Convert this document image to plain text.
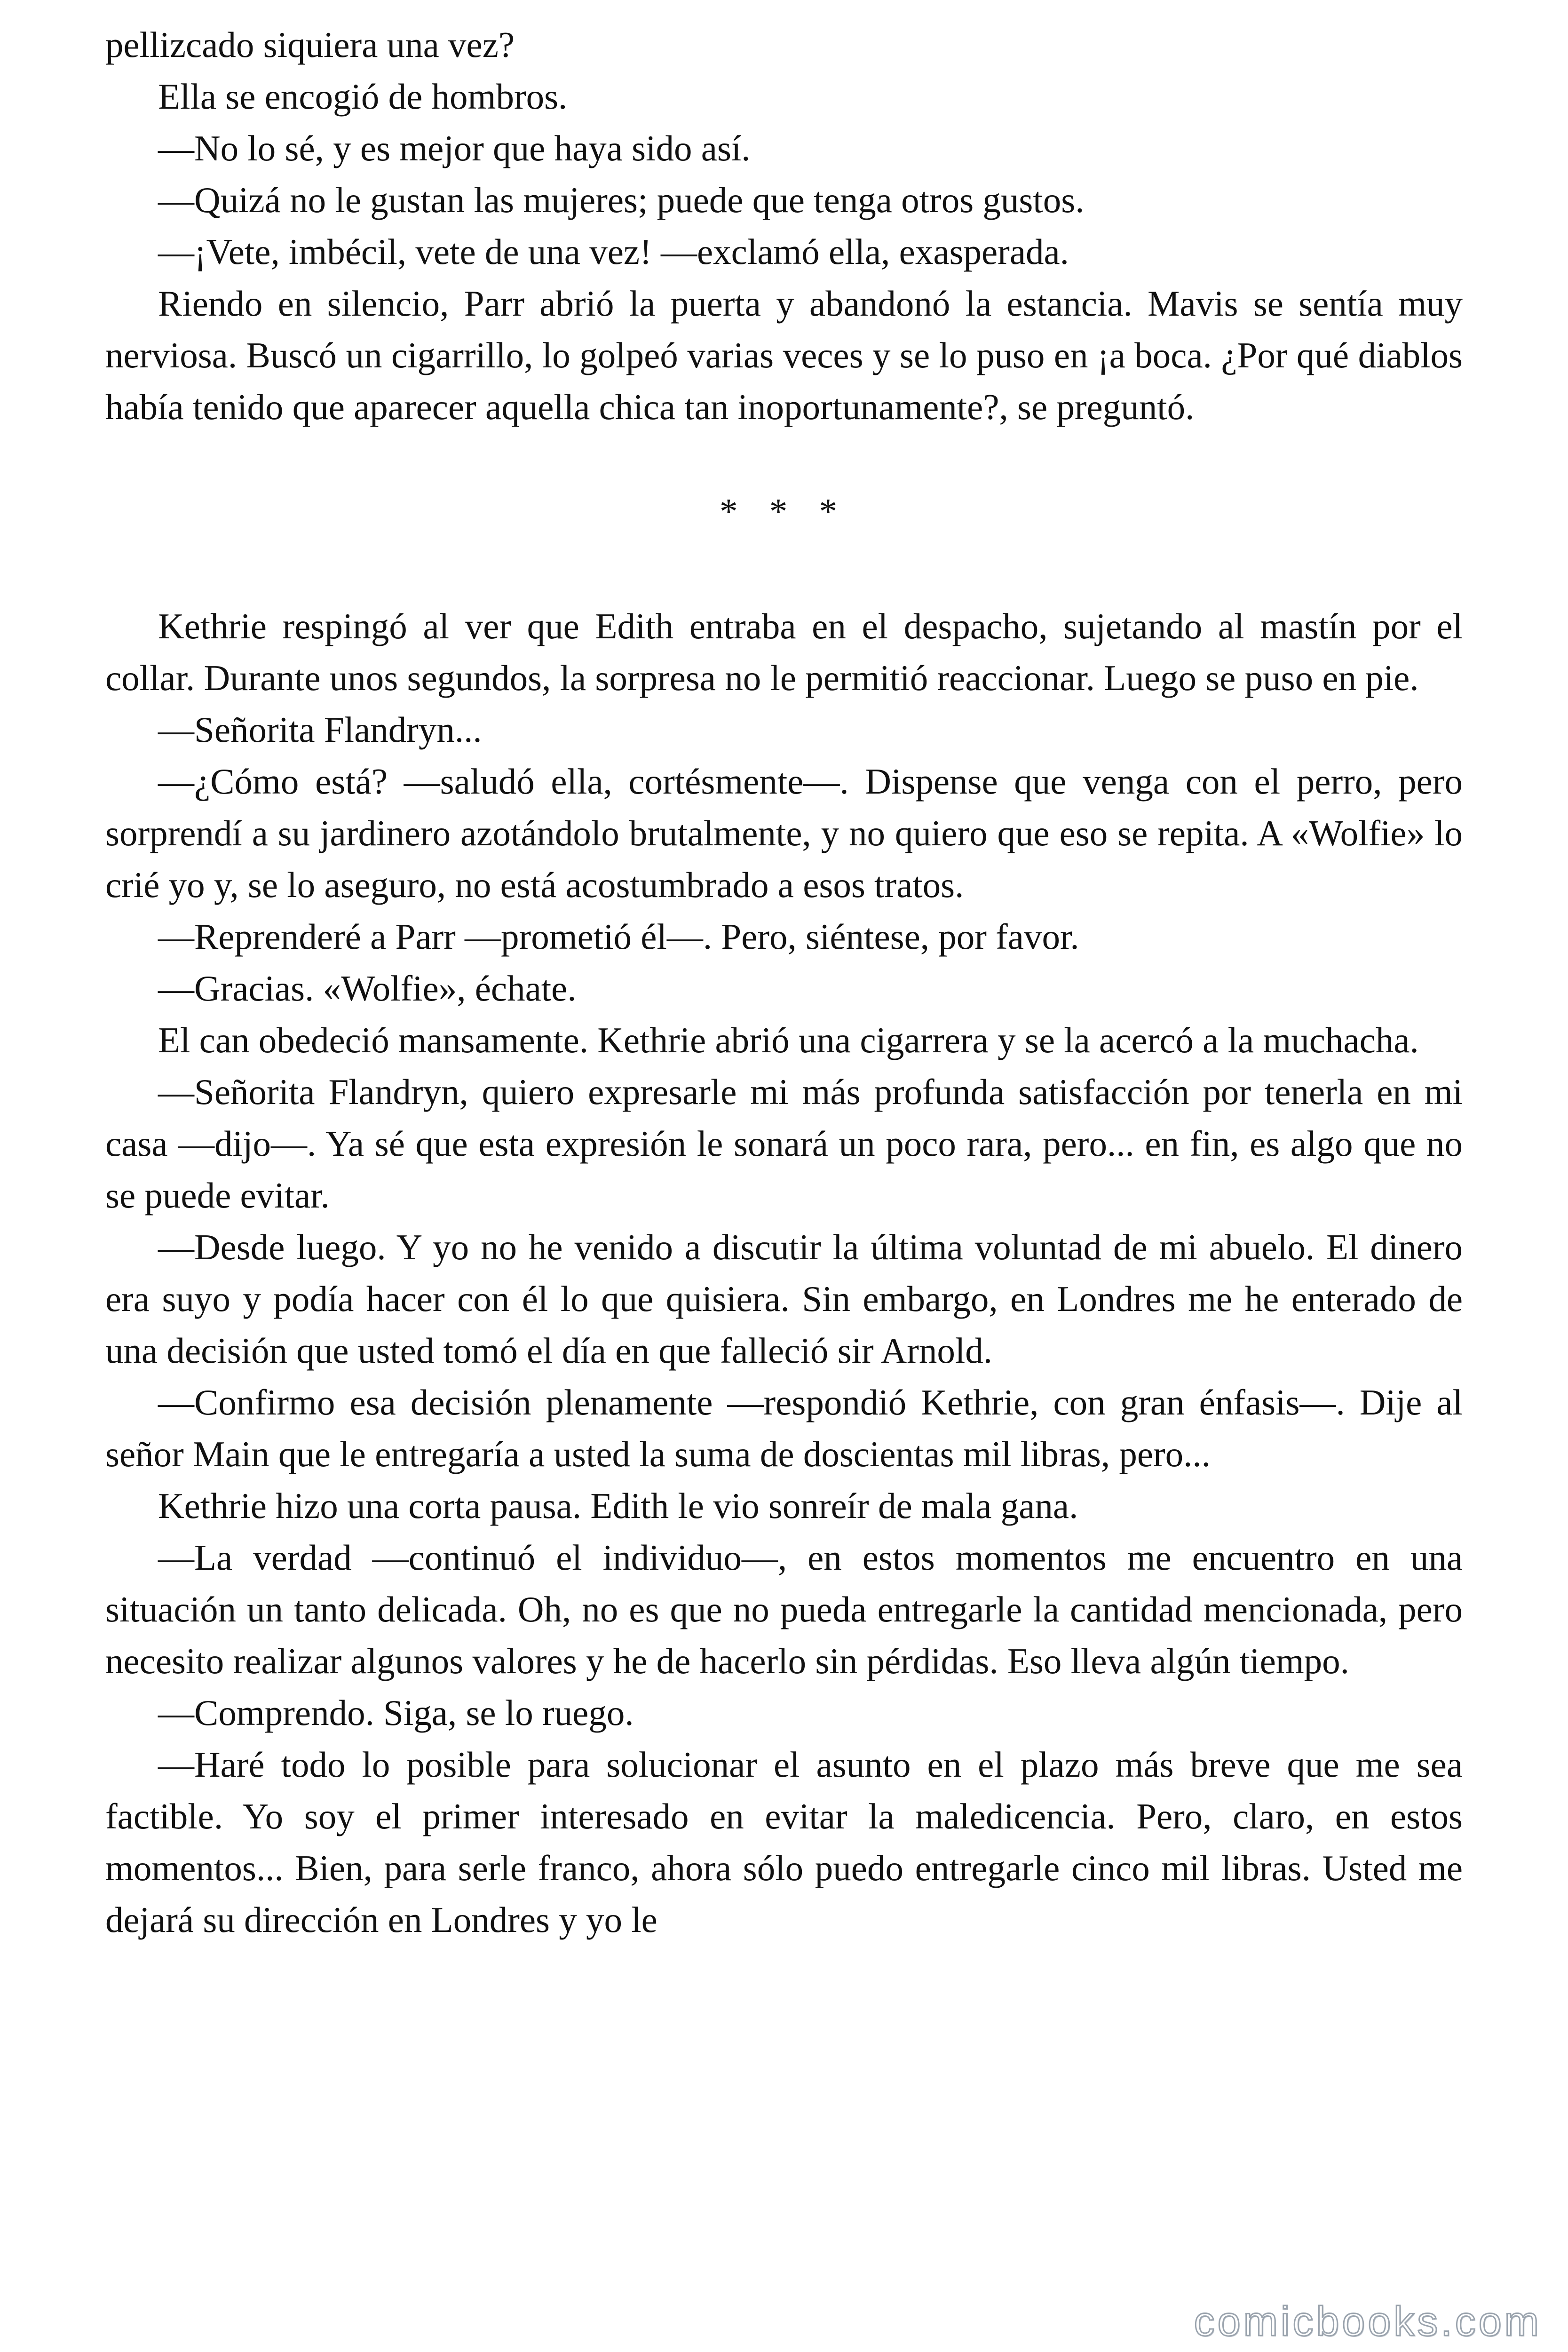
pellizcado siquiera una vez?

Ella se encogió de hombros.

—No lo sé, y es mejor que haya sido así.

—Quizá no le gustan las mujeres; puede que tenga otros gustos.

—¡Vete, imbécil, vete de una vez! —exclamó ella, exasperada.

Riendo en silencio, Parr abrió la puerta y abandonó la estancia. Mavis se sentía muy nerviosa. Buscó un cigarrillo, lo golpeó varias veces y se lo puso en ¡a boca. ¿Por qué diablos había tenido que aparecer aquella chica tan inoportunamente?, se preguntó.

* * *

Kethrie respingó al ver que Edith entraba en el despacho, sujetando al mastín por el collar. Durante unos segundos, la sorpresa no le permitió reaccionar. Luego se puso en pie.

—Señorita Flandryn...

—¿Cómo está? —saludó ella, cortésmente—. Dispense que venga con el perro, pero sorprendí a su jardinero azotándolo brutalmente, y no quiero que eso se repita. A «Wolfie» lo crié yo y, se lo aseguro, no está acostumbrado a esos tratos.

—Reprenderé a Parr —prometió él—. Pero, siéntese, por favor.

—Gracias. «Wolfie», échate.

El can obedeció mansamente. Kethrie abrió una cigarrera y se la acercó a la muchacha.

—Señorita Flandryn, quiero expresarle mi más profunda satisfacción por tenerla en mi casa —dijo—. Ya sé que esta expresión le sonará un poco rara, pero... en fin, es algo que no se puede evitar.

—Desde luego. Y yo no he venido a discutir la última voluntad de mi abuelo. El dinero era suyo y podía hacer con él lo que quisiera. Sin embargo, en Londres me he enterado de una decisión que usted tomó el día en que falleció sir Arnold.

—Confirmo esa decisión plenamente —respondió Kethrie, con gran énfasis—. Dije al señor Main que le entregaría a usted la suma de doscientas mil libras, pero...

Kethrie hizo una corta pausa. Edith le vio sonreír de mala gana.

—La verdad —continuó el individuo—, en estos momentos me encuentro en una situación un tanto delicada. Oh, no es que no pueda entregarle la cantidad mencionada, pero necesito realizar algunos valores y he de hacerlo sin pérdidas. Eso lleva algún tiempo.

—Comprendo. Siga, se lo ruego.

—Haré todo lo posible para solucionar el asunto en el plazo más breve que me sea factible. Yo soy el primer interesado en evitar la maledicencia. Pero, claro, en estos momentos... Bien, para serle franco, ahora sólo puedo entregarle cinco mil libras. Usted me dejará su dirección en Londres y yo le

comicbooks.com
